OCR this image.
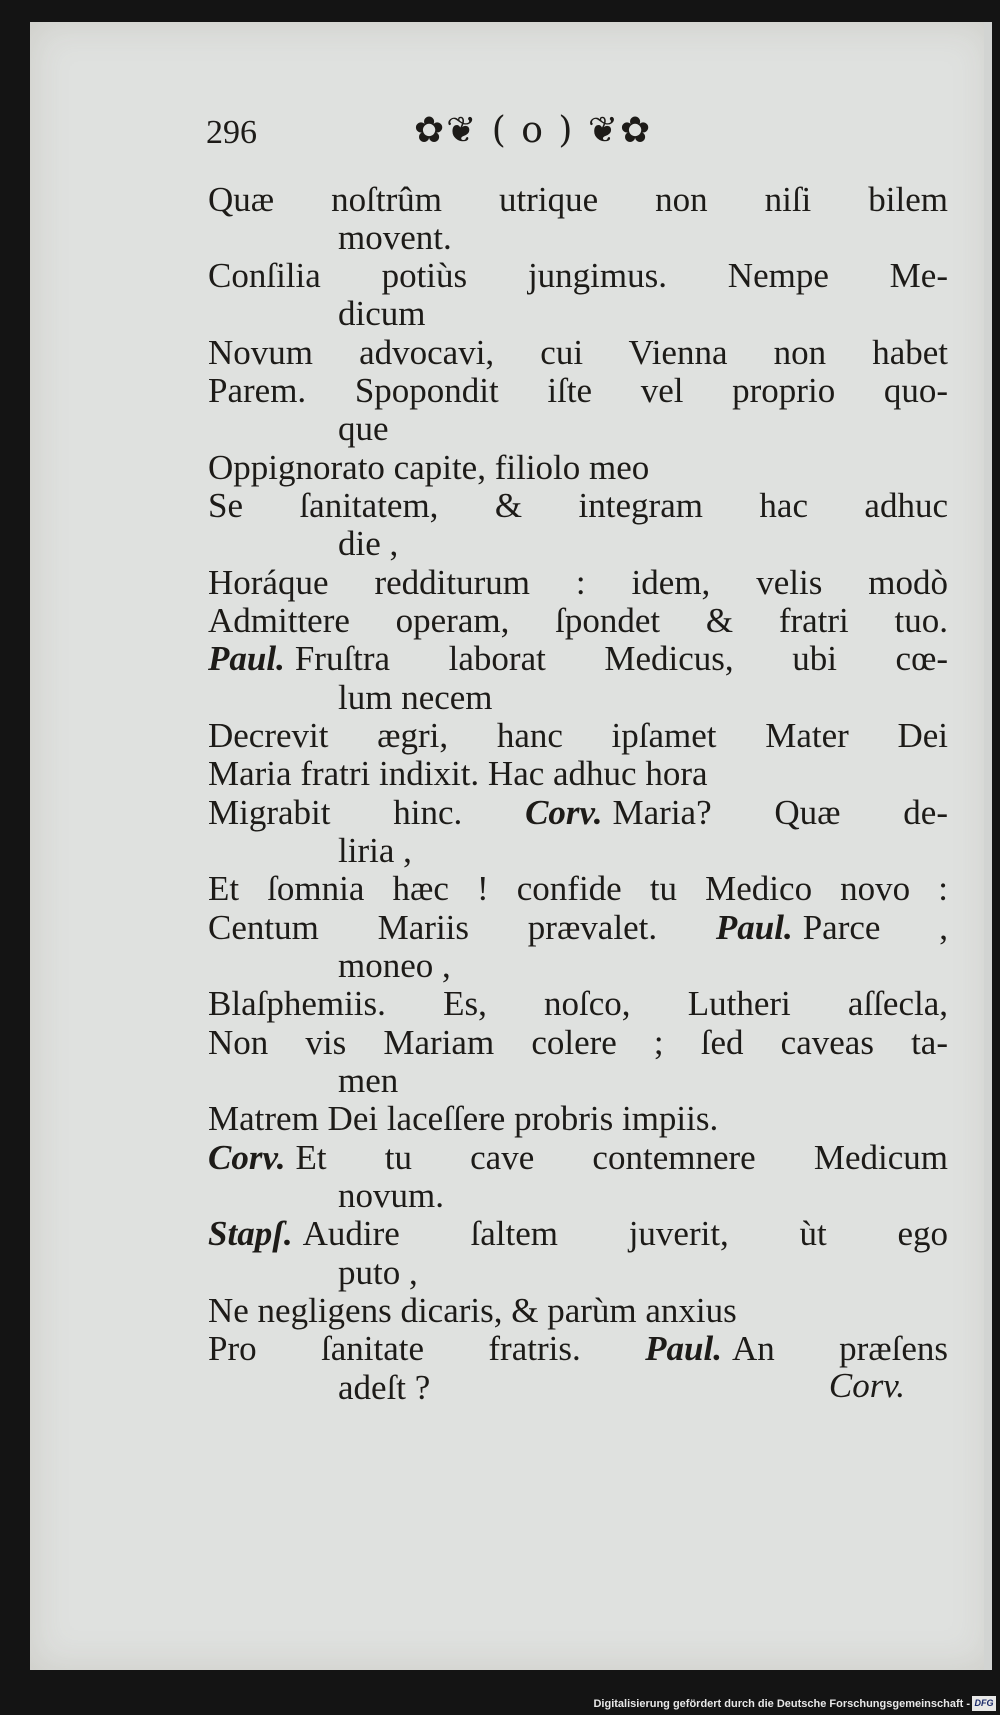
296	✿❦ ( o ) ❦✿
Quæ noſtrûm utrique non niſi bilem
movent.
Conſilia potiùs jungimus. Nempe Me-
dicum
Novum advocavi, cui Vienna non habet
Parem. Spopondit iſte vel proprio quo-
que
Oppignorato capite, filiolo meo
Se ſanitatem, & integram hac adhuc
die ,
Horáque redditurum : idem, velis modò
Admittere operam, ſpondet & fratri tuo.
Paul. Fruſtra laborat Medicus, ubi cœ-
lum necem
Decrevit ægri, hanc ipſamet Mater Dei
Maria fratri indixit. Hac adhuc hora
Migrabit hinc. Corv. Maria? Quæ de-
liria ,
Et ſomnia hæc ! confide tu Medico novo :
Centum Mariis prævalet. Paul. Parce ,
moneo ,
Blaſphemiis. Es, noſco, Lutheri aſſecla,
Non vis Mariam colere ; ſed caveas ta-
men
Matrem Dei laceſſere probris impiis.
Corv. Et tu cave contemnere Medicum
novum.
Stapſ. Audire ſaltem juverit, ùt ego
puto ,
Ne negligens dicaris, & parùm anxius
Pro ſanitate fratris. Paul. An præſens
adeſt ?	Corv.
Digitalisierung gefördert durch die Deutsche Forschungsgemeinschaft - DFG
